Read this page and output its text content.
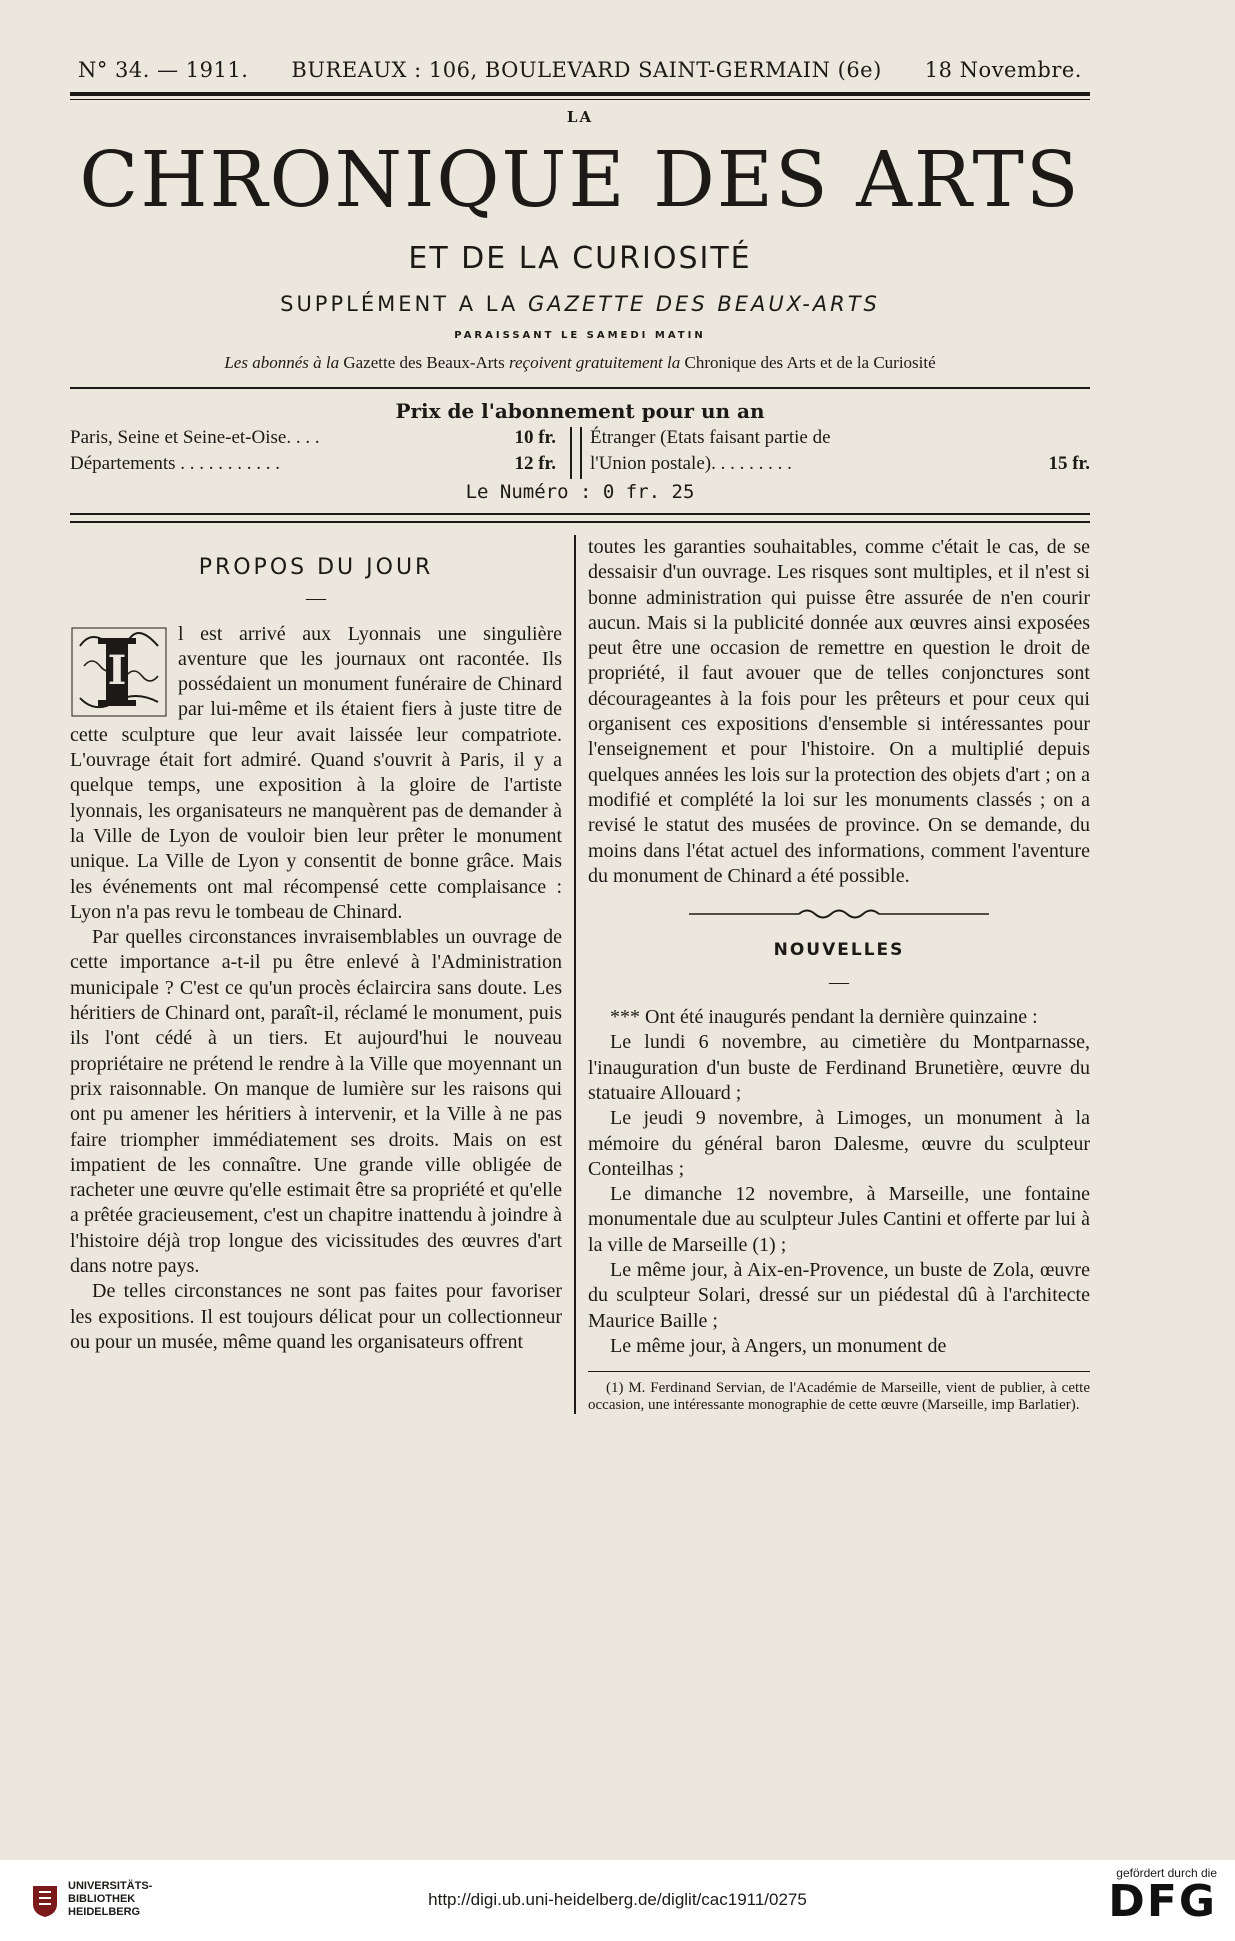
N° 34. — 1911. BUREAUX : 106, BOULEVARD SAINT-GERMAIN (6e) 18 Novembre.
LA
CHRONIQUE DES ARTS
ET DE LA CURIOSITÉ
SUPPLÉMENT A LA GAZETTE DES BEAUX-ARTS
PARAISSANT LE SAMEDI MATIN
Les abonnés à la Gazette des Beaux-Arts reçoivent gratuitement la Chronique des Arts et de la Curiosité
Prix de l'abonnement pour un an
Paris, Seine et Seine-et-Oise. . . .	10 fr.
Départements . . . . . . . . . . .	12 fr.
Étranger (Etats faisant partie de
l'Union postale). . . . . . . . .	15 fr.
Le Numéro : 0 fr. 25
PROPOS DU JOUR
—
I

l est arrivé aux Lyonnais une singulière aventure que les journaux ont racontée. Ils possédaient un monument funéraire de Chinard par lui-même et ils étaient fiers à juste titre de cette sculpture que leur avait laissée leur compatriote. L'ouvrage était fort admiré. Quand s'ouvrit à Paris, il y a quelque temps, une exposition à la gloire de l'artiste lyonnais, les organisateurs ne manquèrent pas de demander à la Ville de Lyon de vouloir bien leur prêter le monument unique. La Ville de Lyon y consentit de bonne grâce. Mais les événements ont mal récompensé cette complaisance : Lyon n'a pas revu le tombeau de Chinard.

Par quelles circonstances invraisemblables un ouvrage de cette importance a-t-il pu être enlevé à l'Administration municipale ? C'est ce qu'un procès éclaircira sans doute. Les héritiers de Chinard ont, paraît-il, réclamé le monument, puis ils l'ont cédé à un tiers. Et aujourd'hui le nouveau propriétaire ne prétend le rendre à la Ville que moyennant un prix raisonnable. On manque de lumière sur les raisons qui ont pu amener les héritiers à intervenir, et la Ville à ne pas faire triompher immédiatement ses droits. Mais on est impatient de les connaître. Une grande ville obligée de racheter une œuvre qu'elle estimait être sa propriété et qu'elle a prêtée gracieusement, c'est un chapitre inattendu à joindre à l'histoire déjà trop longue des vicissitudes des œuvres d'art dans notre pays.

De telles circonstances ne sont pas faites pour favoriser les expositions. Il est toujours délicat pour un collectionneur ou pour un musée, même quand les organisateurs offrent

toutes les garanties souhaitables, comme c'était le cas, de se dessaisir d'un ouvrage. Les risques sont multiples, et il n'est si bonne administration qui puisse être assurée de n'en courir aucun. Mais si la publicité donnée aux œuvres ainsi exposées peut être une occasion de remettre en question le droit de propriété, il faut avouer que de telles conjonctures sont décourageantes à la fois pour les prêteurs et pour ceux qui organisent ces expositions d'ensemble si intéressantes pour l'enseignement et pour l'histoire. On a multiplié depuis quelques années les lois sur la protection des objets d'art ; on a modifié et complété la loi sur les monuments classés ; on a revisé le statut des musées de province. On se demande, du moins dans l'état actuel des informations, comment l'aventure du monument de Chinard a été possible.

NOUVELLES
—

*** Ont été inaugurés pendant la dernière quinzaine :

Le lundi 6 novembre, au cimetière du Montparnasse, l'inauguration d'un buste de Ferdinand Brunetière, œuvre du statuaire Allouard ;

Le jeudi 9 novembre, à Limoges, un monument à la mémoire du général baron Dalesme, œuvre du sculpteur Conteilhas ;

Le dimanche 12 novembre, à Marseille, une fontaine monumentale due au sculpteur Jules Cantini et offerte par lui à la ville de Marseille (1) ;

Le même jour, à Aix-en-Provence, un buste de Zola, œuvre du sculpteur Solari, dressé sur un piédestal dû à l'architecte Maurice Baille ;

Le même jour, à Angers, un monument de

(1) M. Ferdinand Servian, de l'Académie de Marseille, vient de publier, à cette occasion, une intéressante monographie de cette œuvre (Marseille, imp Barlatier).

UNIVERSITÄTS-
BIBLIOTHEK
HEIDELBERG
http://digi.ub.uni-heidelberg.de/diglit/cac1911/0275
gefördert durch die
DFG
